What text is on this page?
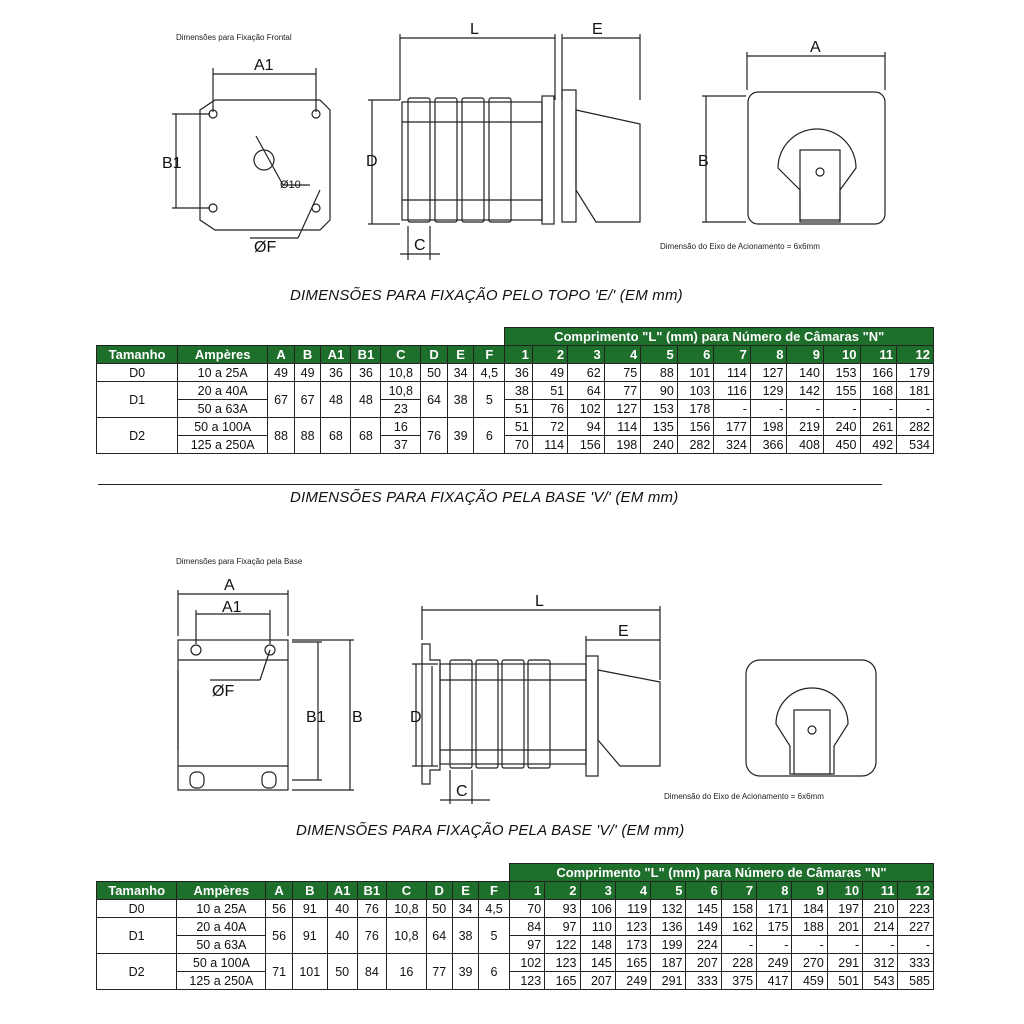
Dimensões para Fixação Frontal
A1
B1
Ø10
ØF
L	E
D
C
A
B
Dimensão do Eixo de Acionamento = 6x6mm
DIMENSÕES PARA FIXAÇÃO PELO TOPO 'E/' (EM mm)
										Comprimento "L" (mm) para Número de Câmaras "N"											
Tamanho	Ampères	A	B	A1	B1	C	D	E	F	1	2	3	4	5	6	7	8	9	10	11	12
D0	10 a 25A	49	49	36	36	10,8	50	34	4,5	36	49	62	75	88	101	114	127	140	153	166	179
D1	20 a 40A	67	67	48	48	10,8	64	38	5	38	51	64	77	90	103	116	129	142	155	168	181
	50 a 63A					23				51	76	102	127	153	178	-	-	-	-	-	-
D2	50 a 100A	88	88	68	68	16	76	39	6	51	72	94	114	135	156	177	198	219	240	261	282
	125 a 250A					37				70	114	156	198	240	282	324	366	408	450	492	534
DIMENSÕES PARA FIXAÇÃO PELA BASE 'V/' (EM mm)
Dimensões para Fixação pela Base
A
A1
ØF
B1 B
L
E
D
C	Dimensão do Eixo de Acionamento = 6x6mm
DIMENSÕES PARA FIXAÇÃO PELA BASE 'V/' (EM mm)
										Comprimento "L" (mm) para Número de Câmaras "N"											
Tamanho	Ampères	A	B	A1	B1	C	D	E	F	1	2	3	4	5	6	7	8	9	10	11	12
D0	10 a 25A	56	91	40	76	10,8	50	34	4,5	70	93	106	119	132	145	158	171	184	197	210	223
D1	20 a 40A	56	91	40	76	10,8	64	38	5	84	97	110	123	136	149	162	175	188	201	214	227
	50 a 63A									97	122	148	173	199	224	-	-	-	-	-	-
D2	50 a 100A	71	101	50	84	16	77	39	6	102	123	145	165	187	207	228	249	270	291	312	333
	125 a 250A									123	165	207	249	291	333	375	417	459	501	543	585
